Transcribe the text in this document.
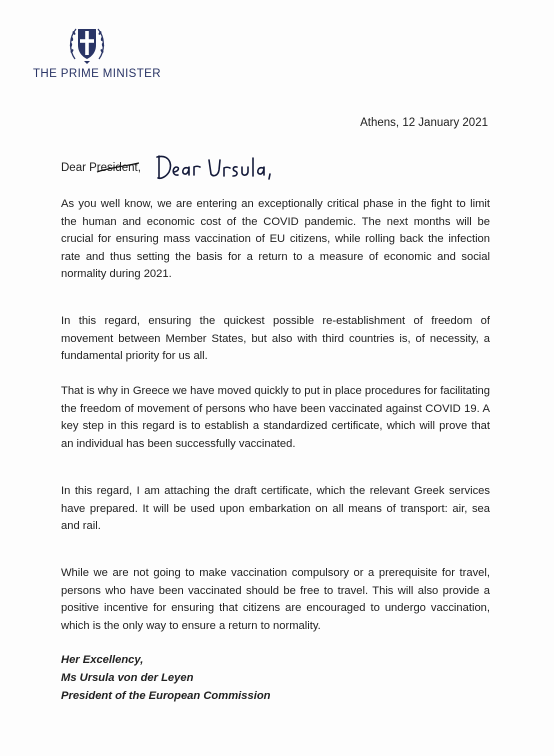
THE PRIME MINISTER
Athens, 12 January 2021
Dear President,

As you well know, we are entering an exceptionally critical phase in the fight to limit the human and economic cost of the COVID pandemic. The next months will be crucial for ensuring mass vaccination of EU citizens, while rolling back the infection rate and thus setting the basis for a return to a measure of economic and social normality during 2021.

In this regard, ensuring the quickest possible re-establishment of freedom of movement between Member States, but also with third countries is, of necessity, a fundamental priority for us all.

That is why in Greece we have moved quickly to put in place procedures for facilitating the freedom of movement of persons who have been vaccinated against COVID 19. A key step in this regard is to establish a standardized certificate, which will prove that an individual has been successfully vaccinated.

In this regard, I am attaching the draft certificate, which the relevant Greek services have prepared. It will be used upon embarkation on all means of transport: air, sea and rail.

While we are not going to make vaccination compulsory or a prerequisite for travel, persons who have been vaccinated should be free to travel. This will also provide a positive incentive for ensuring that citizens are encouraged to undergo vaccination, which is the only way to ensure a return to normality.

Her Excellency,
Ms Ursula von der Leyen
President of the European Commission
